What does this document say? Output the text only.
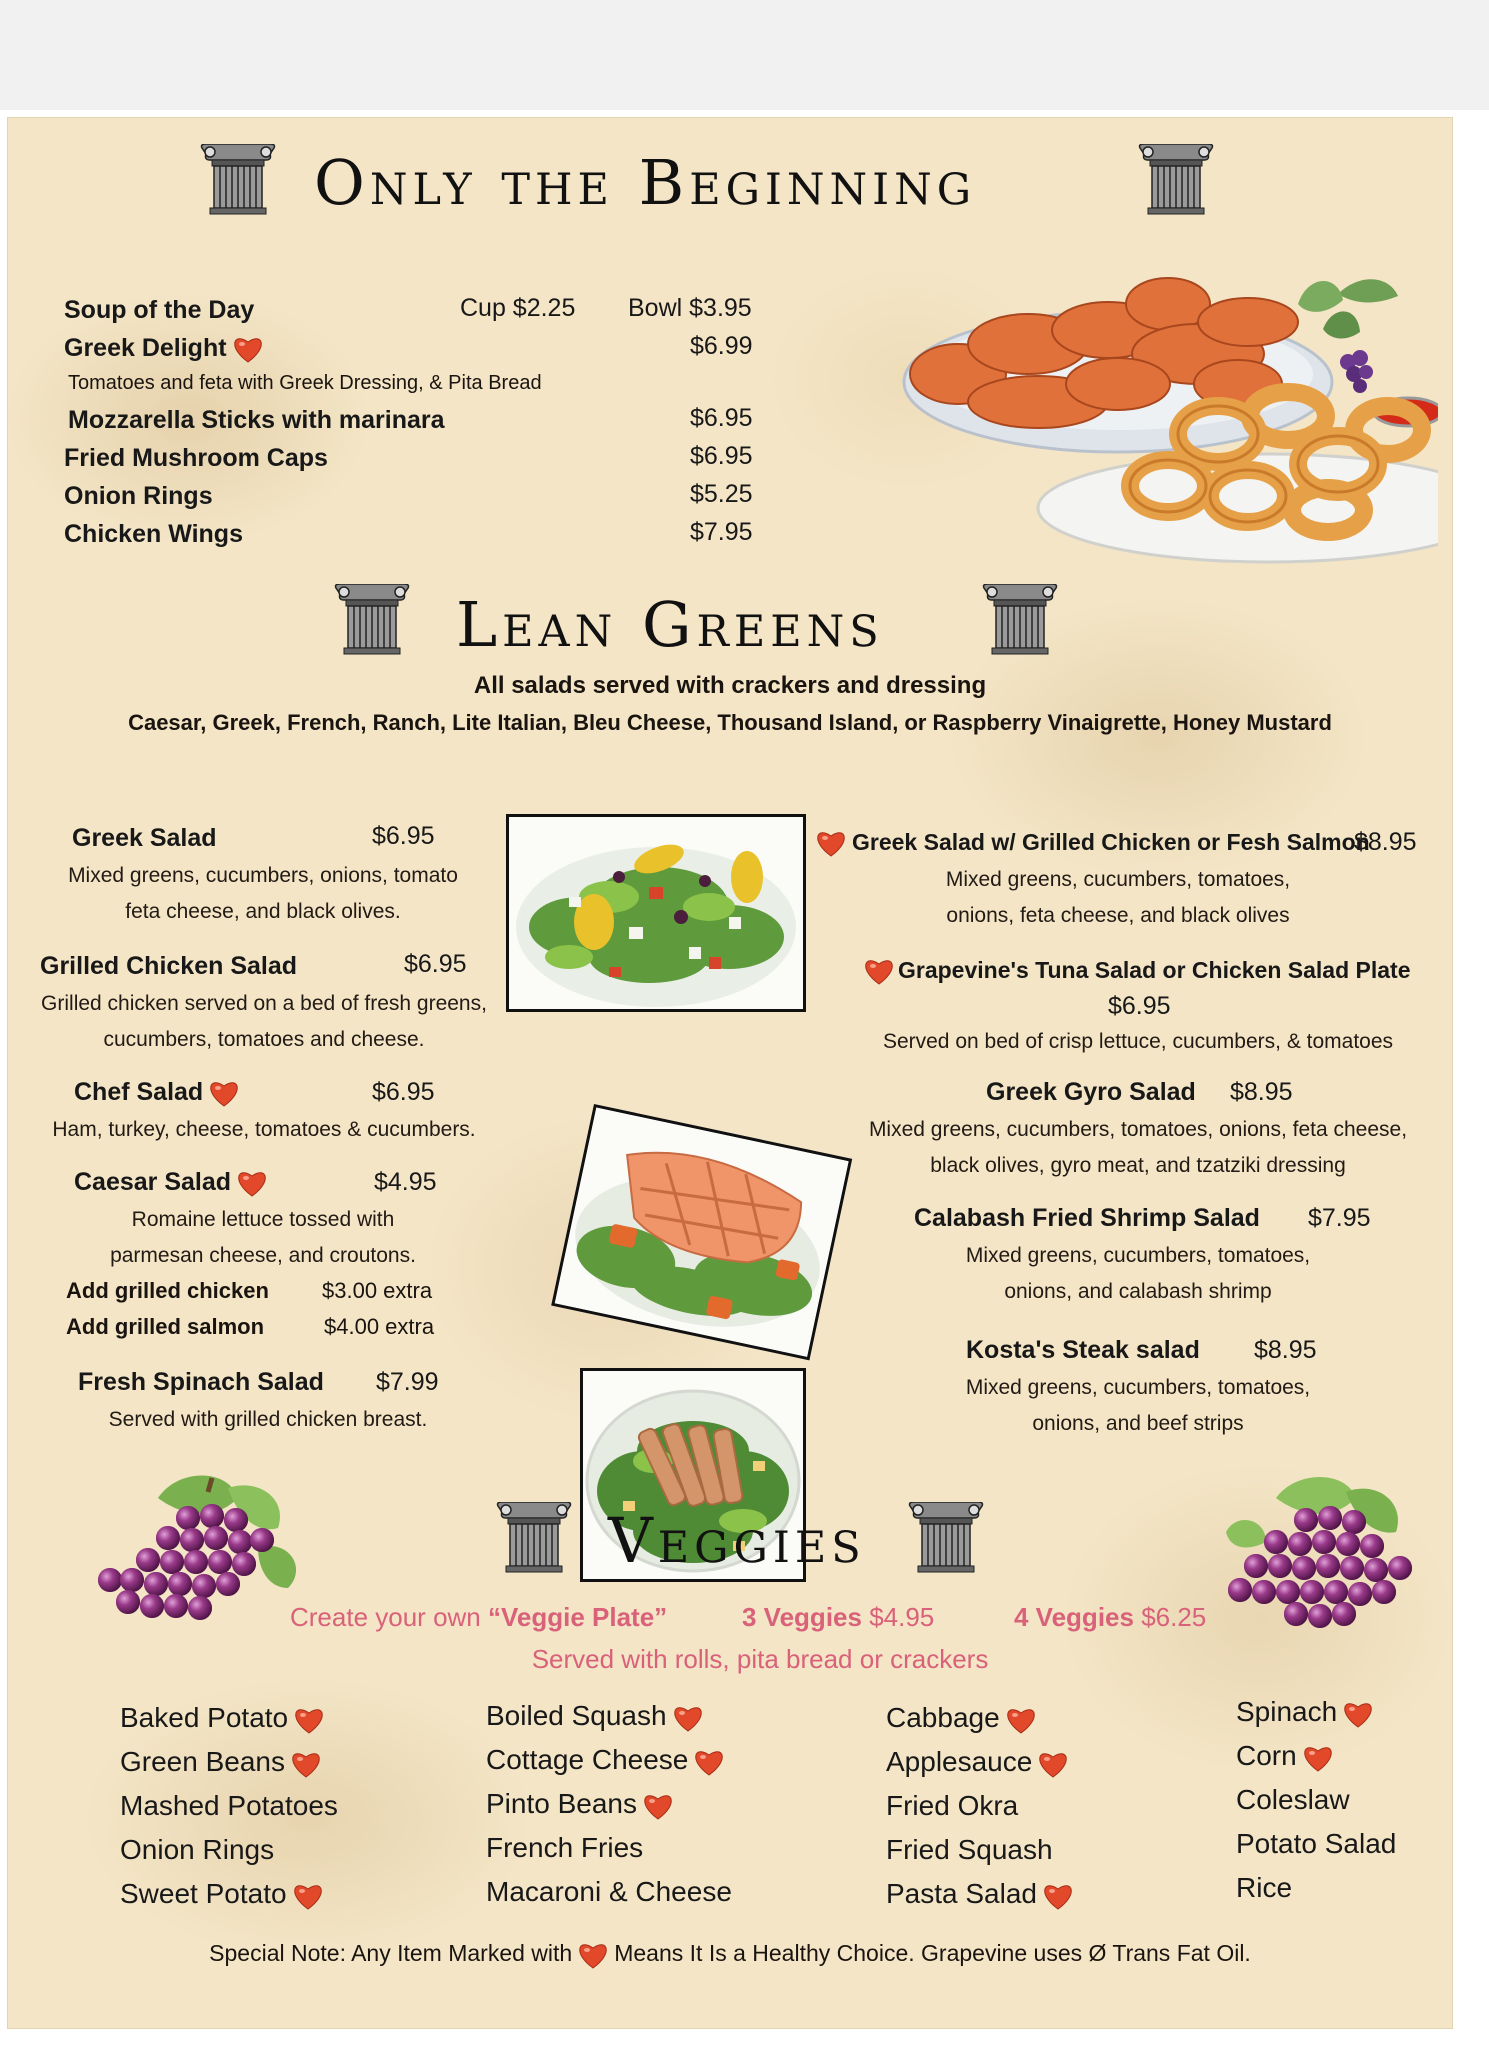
Only the Beginning
Soup of the Day	Cup $2.25 Bowl $3.95
Greek Delight	$6.99
Tomatoes and feta with Greek Dressing, & Pita Bread
Mozzarella Sticks with marinara	$6.95
Fried Mushroom Caps	$6.95
Onion Rings	$5.25
Chicken Wings	$7.95
Lean Greens
All salads served with crackers and dressing
Caesar, Greek, French, Ranch, Lite Italian, Bleu Cheese, Thousand Island, or Raspberry Vinaigrette, Honey Mustard
Greek Salad	$6.95
Mixed greens, cucumbers, onions, tomato
feta cheese, and black olives.
Grilled Chicken Salad	$6.95
Grilled chicken served on a bed of fresh greens,
cucumbers, tomatoes and cheese.
Chef Salad	$6.95
Ham, turkey, cheese, tomatoes & cucumbers.
Caesar Salad	$4.95
Romaine lettuce tossed with
parmesan cheese, and croutons.
Add grilled chicken $3.00 extra
Add grilled salmon	$4.00 extra
Fresh Spinach Salad $7.99
Served with grilled chicken breast.
Greek Salad w/ Grilled Chicken or Fesh Salmon
$8.95
Mixed greens, cucumbers, tomatoes,
onions, feta cheese, and black olives
Grapevine's Tuna Salad or Chicken Salad Plate
$6.95
Served on bed of crisp lettuce, cucumbers, & tomatoes
Greek Gyro Salad $8.95
Mixed greens, cucumbers, tomatoes, onions, feta cheese,
black olives, gyro meat, and tzatziki dressing
Calabash Fried Shrimp Salad $7.95
Mixed greens, cucumbers, tomatoes,
onions, and calabash shrimp
Kosta's Steak salad $8.95
Mixed greens, cucumbers, tomatoes,
onions, and beef strips
Veggies
Create your own “Veggie Plate”	3 Veggies $4.95	4 Veggies $6.25
Served with rolls, pita bread or crackers
Baked Potato
Green Beans
Mashed Potatoes
Onion Rings
Sweet Potato
Boiled Squash
Cottage Cheese
Pinto Beans
French Fries
Macaroni & Cheese
Cabbage
Applesauce
Fried Okra
Fried Squash
Pasta Salad
Spinach
Corn
Coleslaw
Potato Salad
Rice
Special Note: Any Item Marked with Means It Is a Healthy Choice. Grapevine uses Ø Trans Fat Oil.
